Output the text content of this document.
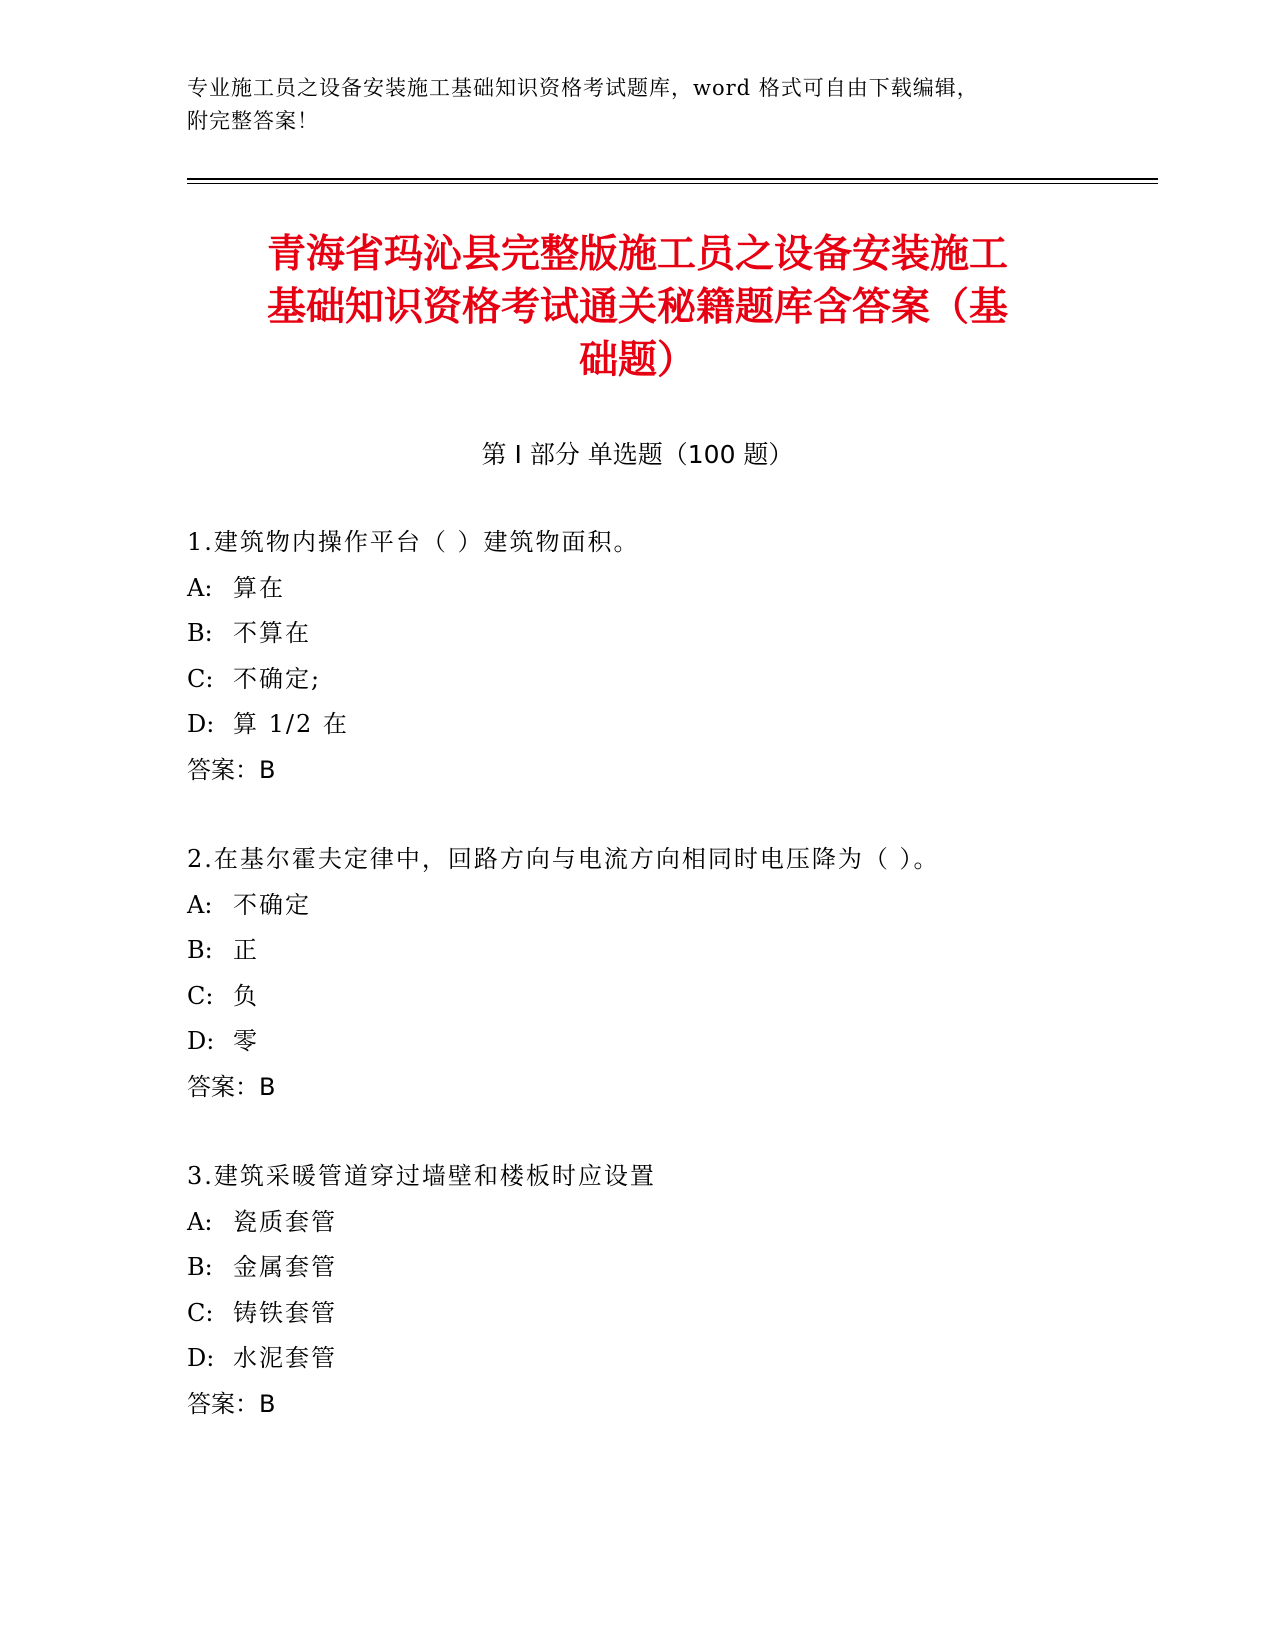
专业施工员之设备安装施工基础知识资格考试题库，word 格式可自由下载编辑，
附完整答案！
青海省玛沁县完整版施工员之设备安装施工
基础知识资格考试通关秘籍题库含答案（基
础题）
第 I 部分 单选题（100 题）
1.建筑物内操作平台（ ）建筑物面积。
A: 算在
B: 不算在
C: 不确定;
D: 算 1/2 在
答案：B
2.在基尔霍夫定律中，回路方向与电流方向相同时电压降为（ ）。
A: 不确定
B: 正
C: 负
D: 零
答案：B
3.建筑采暖管道穿过墙壁和楼板时应设置
A: 瓷质套管
B: 金属套管
C: 铸铁套管
D: 水泥套管
答案：B
